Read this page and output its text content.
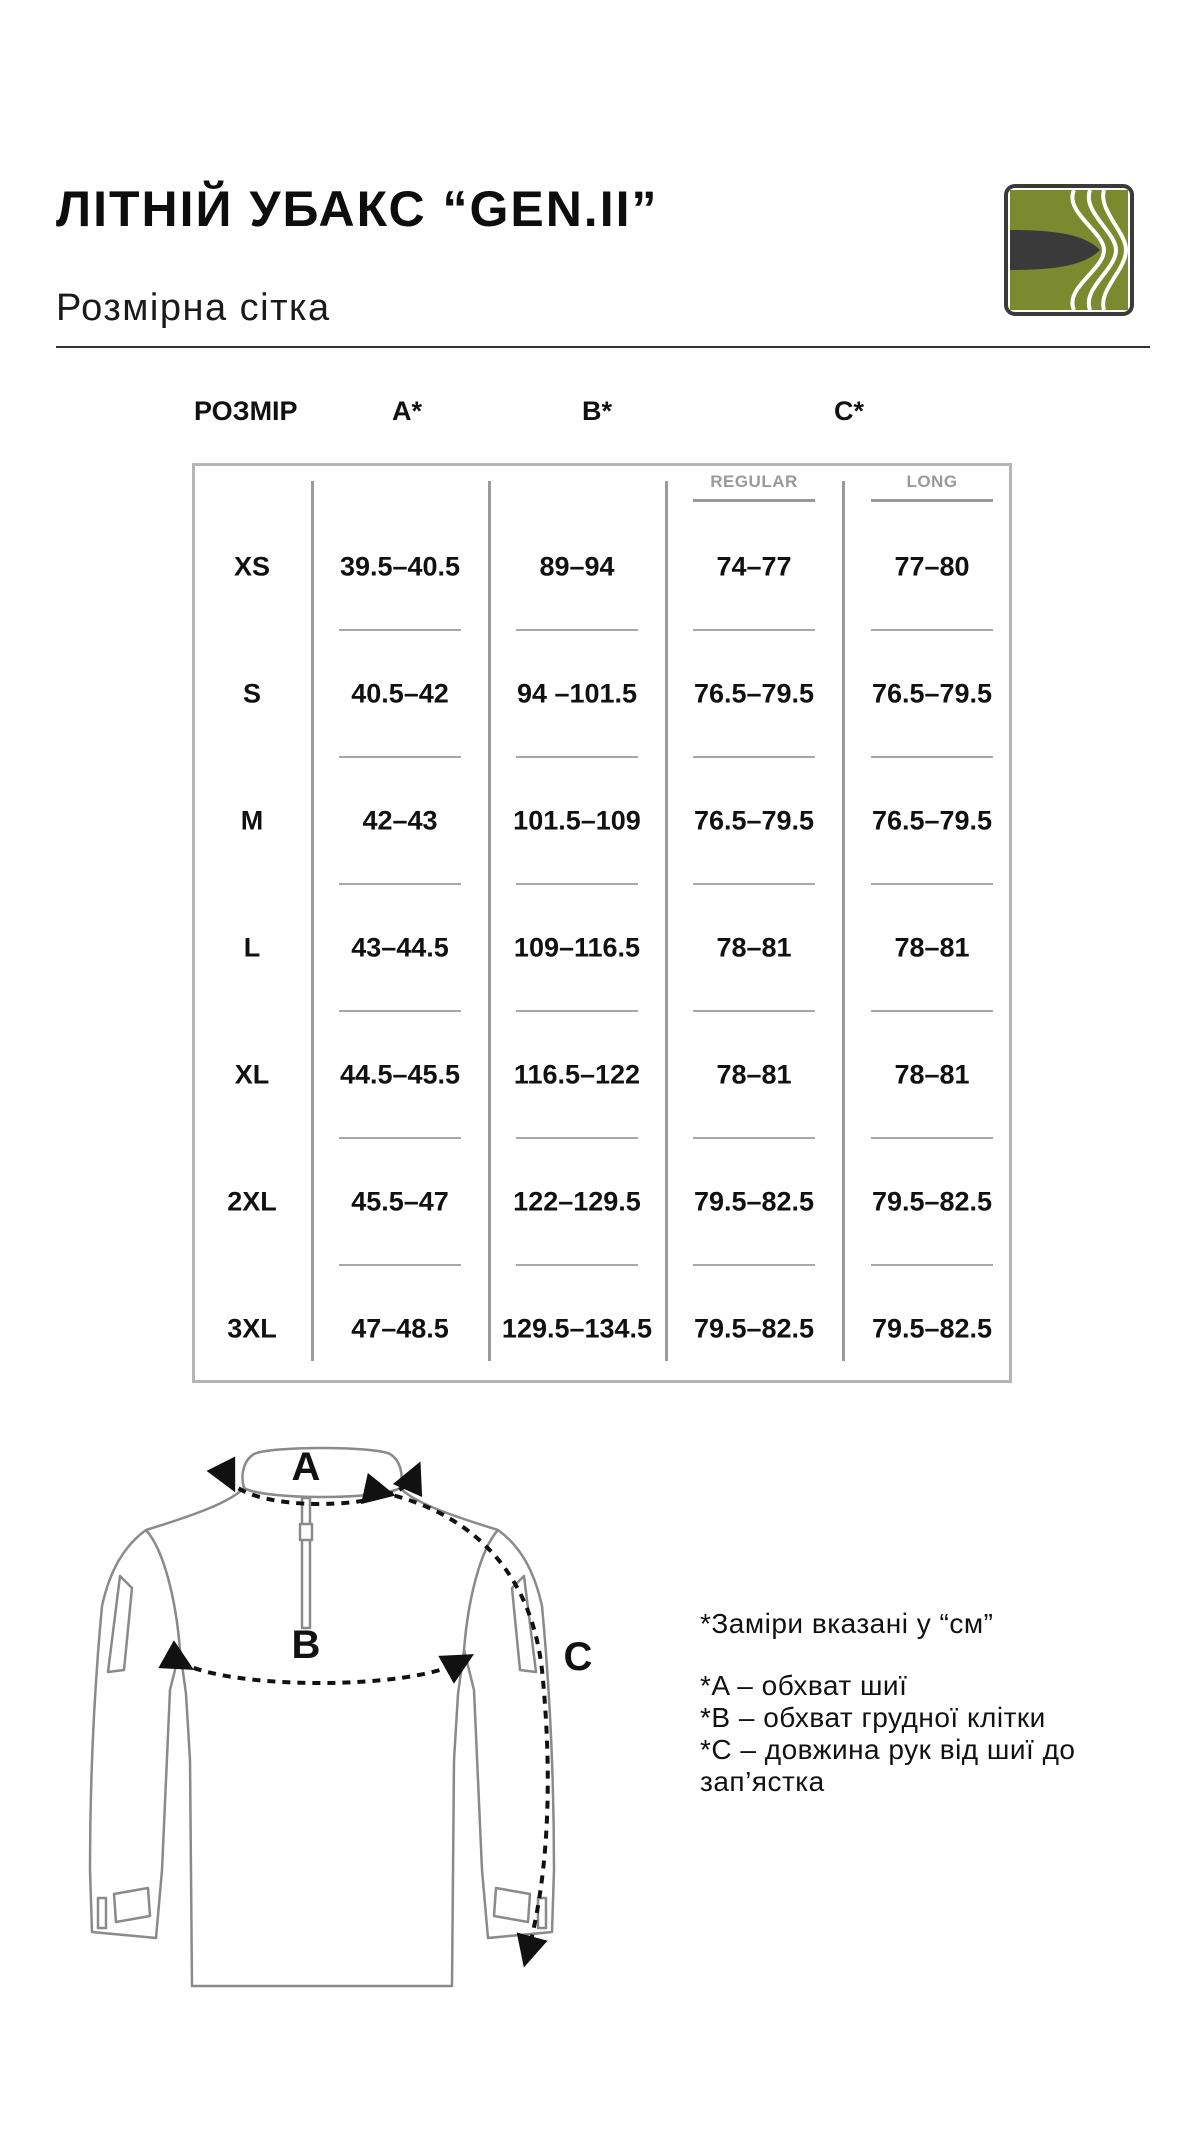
ЛІТНІЙ УБАКС “GEN.II”
Розмірна сітка
РОЗМІР	A*	B*	C*
REGULAR	LONG
XS	39.5–40.5	89–94	74–77	77–80
S	40.5–42	94 –101.5	76.5–79.5	76.5–79.5
M	42–43	101.5–109	76.5–79.5	76.5–79.5
L	43–44.5	109–116.5	78–81	78–81
XL	44.5–45.5	116.5–122	78–81	78–81
2XL	45.5–47	122–129.5	79.5–82.5	79.5–82.5
3XL	47–48.5	129.5–134.5	79.5–82.5	79.5–82.5
A
B	C
*Заміри вказані у “см”
*A – обхват шиї
*B – обхват грудної клітки
*C – довжина рук від шиї до
зап’ястка
